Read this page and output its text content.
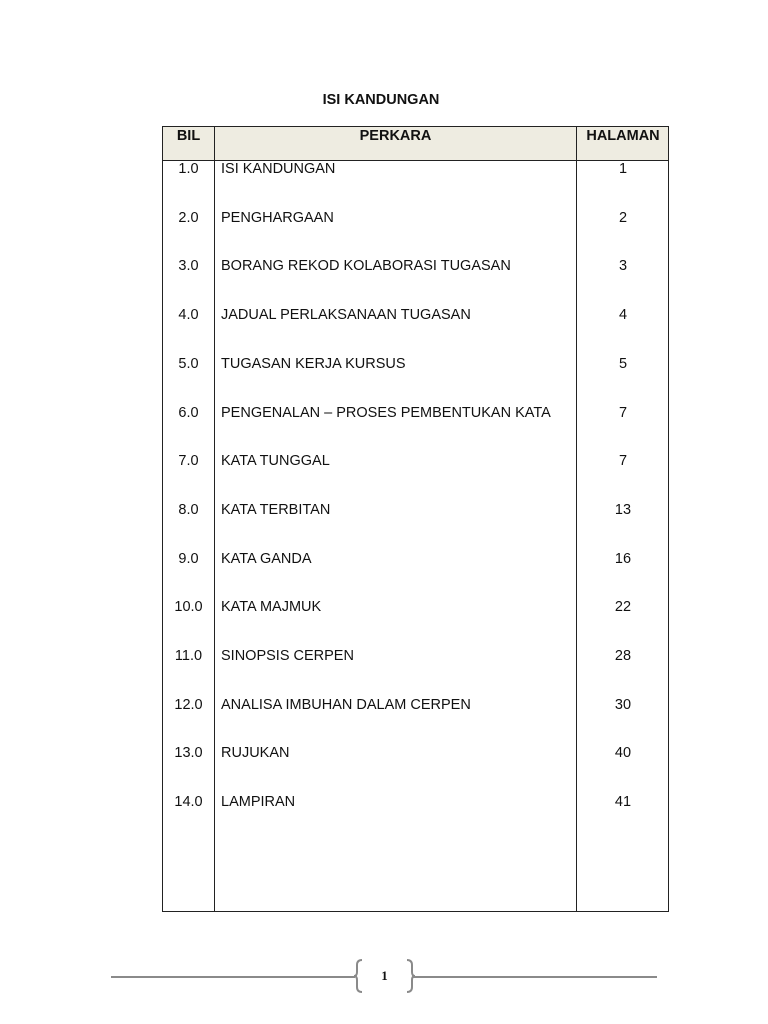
ISI KANDUNGAN
BIL	PERKARA	HALAMAN
1.0	ISI KANDUNGAN	1
2.0	PENGHARGAAN	2
3.0	BORANG REKOD KOLABORASI TUGASAN	3
4.0	JADUAL PERLAKSANAAN TUGASAN	4
5.0	TUGASAN KERJA KURSUS	5
6.0	PENGENALAN – PROSES PEMBENTUKAN KATA	7
7.0	KATA TUNGGAL	7
8.0	KATA TERBITAN	13
9.0	KATA GANDA	16
10.0	KATA MAJMUK	22
11.0	SINOPSIS CERPEN	28
12.0	ANALISA IMBUHAN DALAM CERPEN	30
13.0	RUJUKAN	40
14.0	LAMPIRAN	41
1
